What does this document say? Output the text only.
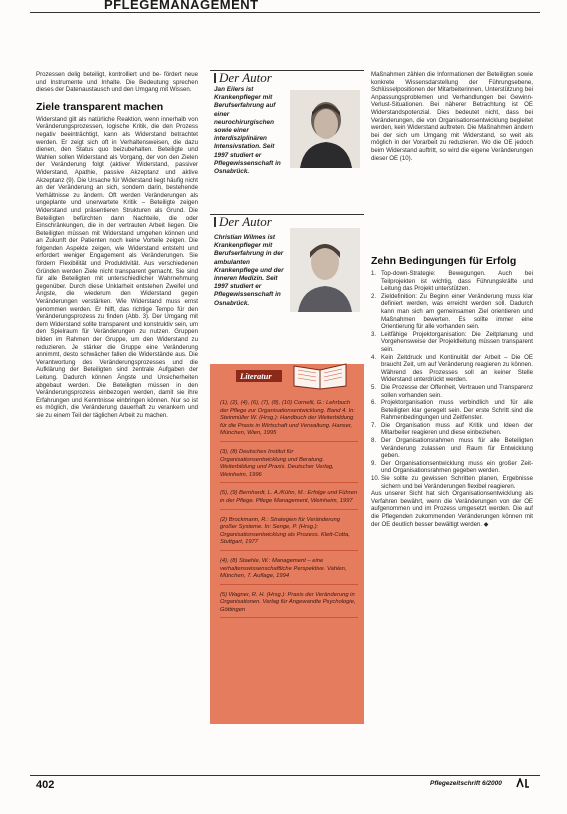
PFLEGEMANAGEMENT

Prozessen delig beteiligt, kontrolliert und be- fördert neue und Instrumente und Inhalte. Die Bedeutung sprechen dieses der Datenaustausch und den Umgang mit Wissen.

Ziele transparent machen

Widerstand gilt als natürliche Reaktion, wenn innerhalb von Veränderungsprozessen, logische Kritik, die den Prozess negativ beeinträchtigt, kann als Widerstand betrachtet werden. Er zeigt sich oft in Verhaltensweisen, die dazu dienen, den Status quo beizubehalten. Beteiligte und Wahlen sollen Widerstand als Vorgang, der von den Zielen der Veränderung folgt (aktiver Widerstand, passiver Widerstand, Apathie, passive Akzeptanz und aktive Akzeptanz (9). Die Ursache für Widerstand liegt häufig nicht an der Veränderung an sich, sondern darin, bestehende Verhältnisse zu ändern. Oft werden Veränderungen als ungeplante und unerwartete Kritik – Beteiligte zeigen Widerstand und präsentieren Strukturen als Grund. Die Beteiligten befürchten dann Nachteile, die oder Einschränkungen, die in der vertrauten Arbeit liegen. Die Beteiligten müssen mit Widerstand umgehen können und an Zukunft der Patienten noch keine Vorteile zeigen. Die folgenden Aspekte zeigen, wie Widerstand entsteht und erfordert weniger Engagement als Veränderungen. Sie fördern Flexibilität und Produktivität. Aus verschiedenen Gründen werden Ziele nicht transparent gemacht. Sie sind für alle Beteiligten mit unterschiedlicher Wahrnehmung gegenüber. Durch diese Unklarheit entstehen Zweifel und Ängste, die wiederum den Widerstand gegen Veränderungen verstärken. Wie Widerstand muss ernst genommen werden. Er hilft, das richtige Tempo für den Veränderungsprozess zu finden (Abb. 3). Der Umgang mit dem Widerstand sollte transparent und konstruktiv sein, um den Spielraum für Veränderungen zu nutzen. Gruppen bilden im Rahmen der Gruppe, um den Widerstand zu reduzieren. Je stärker die Gruppe eine Veränderung annimmt, desto schwächer fallen die Widerstände aus. Die Verantwortung des Veränderungsprozesses und die Aufklärung der Beteiligten sind zentrale Aufgaben der Leitung. Dadurch können Ängste und Unsicherheiten abgebaut werden. Die Beteiligten müssen in den Veränderungsprozess einbezogen werden, damit sie ihre Erfahrungen und Kenntnisse einbringen können. Nur so ist es möglich, die Veränderung dauerhaft zu verankern und sie zu einem Teil der täglichen Arbeit zu machen.

Der Autor
Jan Eilers ist Krankenpfleger mit Berufserfahrung auf einer neurochirurgischen sowie einer interdisziplinären Intensivstation. Seit 1997 studiert er Pflegewissenschaft in Osnabrück.
Der Autor
Christian Wilmes ist Krankenpfleger mit Berufserfahrung in der ambulanten Krankenpflege und der inneren Medizin. Seit 1997 studiert er Pflegewissenschaft in Osnabrück.
Literatur
(1), (2), (4), (6), (7), (8), (10) Cornelli, G.: Lehrbuch der Pflege zur Organisationsentwicklung. Band 4. In: Steinmüller W. (Hrsg.): Handbuch der Weiterbildung für die Praxis in Wirtschaft und Verwaltung. Hanser, München, Wien, 1995
(3), (8) Deutsches Institut für Organisationsentwicklung und Beratung. Weiterbildung und Praxis. Deutscher Verlag, Weinheim, 1996
(5), (9) Bernhardt, L. A./Kühn, M.: Erfolge und Führen in der Pflege. Pflege Management, Weinheim, 1997
(2) Brockmann, R.: Strategien für Veränderung großer Systeme. In: Senge, P. (Hrsg.): Organisationsentwicklung als Prozess. Klett-Cotta, Stuttgart, 1977
(4), (8) Staehle, W.: Management – eine verhaltenswissenschaftliche Perspektive. Vahlen, München, 7. Auflage, 1994
(5) Wagner, R. H. (Hrsg.): Praxis der Veränderung in Organisationen. Verlag für Angewandte Psychologie, Göttingen

Maßnahmen zählen die Informationen der Beteiligten sowie konkrete Wissensdarstellung der Führungsebene, Schlüsselpositionen der Mitarbeiterinnen, Unterstützung bei Anpassungsproblemen und Verhandlungen bei Gewinn-Verlust-Situationen. Bei näherer Betrachtung ist OE Widerstandspotenzial. Dies bedeutet nicht, dass bei Veränderungen, die von Organisationsentwicklung begleitet werden, kein Widerstand auftreten. Die Maßnahmen ändern bei der sich um Umgang mit Widerstand, so weit als möglich in der Vorarbeit zu reduzieren. Wo die OE jedoch beim Widerstand auftritt, so wird die eigene Veränderungen dieser OE (10).

Zehn Bedingungen für Erfolg
1. Top-down-Strategie: Bewegungen. Auch bei Teilprojekten ist wichtig, dass Führungskräfte und Leitung das Projekt unterstützen.
2. Zieldefinition: Zu Beginn einer Veränderung muss klar definiert werden, was erreicht werden soll. Dadurch kann man sich am gemeinsamen Ziel orientieren und Maßnahmen bewerten. Es sollte immer eine Orientierung für alle vorhanden sein.
3. Leitfähige Projektorganisation: Die Zeitplanung und Vorgehensweise der Projektleitung müssen transparent sein.
4. Kein Zeitdruck und Kontinuität der Arbeit – Die OE braucht Zeit, um auf Veränderung reagieren zu können. Während des Prozesses soll an keiner Stelle Widerstand unterdrückt werden.
5. Die Prozesse der Offenheit, Vertrauen und Transparenz sollen vorhanden sein.
6. Projektorganisation muss verbindlich und für alle Beteiligten klar geregelt sein. Der erste Schritt sind die Rahmenbedingungen und Zeitfenster.
7. Die Organisation muss auf Kritik und Ideen der Mitarbeiter reagieren und diese einbeziehen.
8. Der Organisationsrahmen muss für alle Beteiligten Veränderung zulassen und Raum für Entwicklung geben.
9. Der Organisationsentwicklung muss ein großer Zeit- und Organisationsrahmen gegeben werden.
10. Sie sollte zu gewissen Schritten planen, Ergebnisse sichern und bei Veränderungen flexibel reagieren.

Aus unserer Sicht hat sich Organisationsentwicklung als Verfahren bewährt, wenn die Veränderungen von der OE aufgenommen und im Prozess umgesetzt werden. Die auf die Pflegenden zukommenden Veränderungen können mit der OE deutlich besser bewältigt werden. ◆

402	Pflegezeitschrift 6/2000
